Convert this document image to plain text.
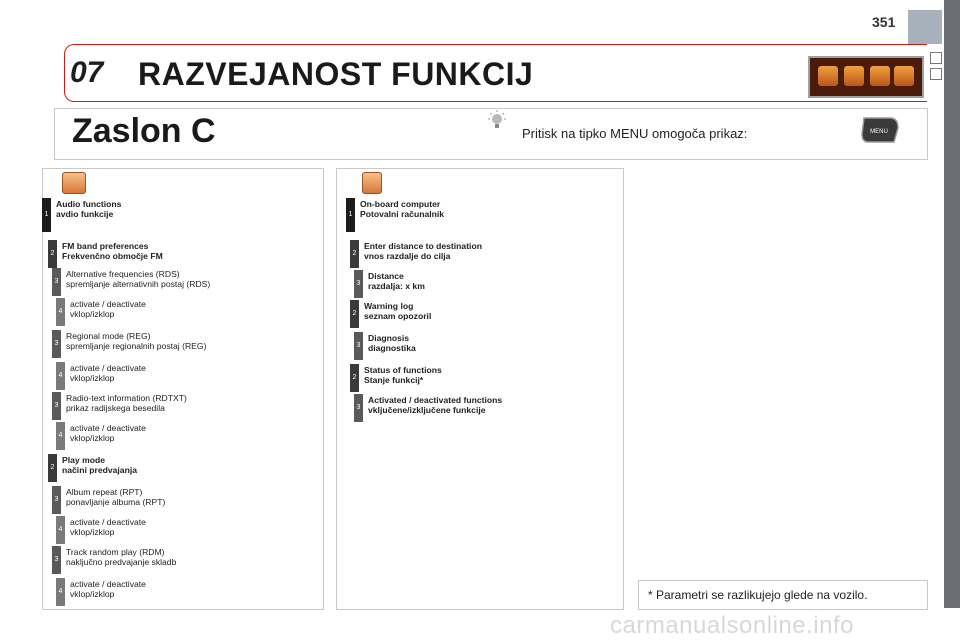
351
07 RAZVEJANOST FUNKCIJ
Zaslon C	Pritisk na tipko MENU omogoča prikaz:	MENU
1
Audio functions
avdio funkcije
2
FM band preferences
Frekvenčno območje FM
3
Alternative frequencies (RDS)
spremljanje alternativnih postaj (RDS)
4
activate / deactivate
vklop/izklop
3
Regional mode (REG)
spremljanje regionalnih postaj (REG)
4
activate / deactivate
vklop/izklop
3
Radio-text information (RDTXT)
prikaz radijskega besedila
4
activate / deactivate
vklop/izklop
2
Play mode
načini predvajanja
3
Album repeat (RPT)
ponavljanje albuma (RPT)
4
activate / deactivate
vklop/izklop
3
Track random play (RDM)
naključno predvajanje skladb
4
activate / deactivate
vklop/izklop
1
On-board computer
Potovalni računalnik
2
Enter distance to destination
vnos razdalje do cilja
3
Distance
razdalja: x km
2
Warning log
seznam opozoril
3
Diagnosis
diagnostika
2
Status of functions
Stanje funkcij*
3
Activated / deactivated functions
vključene/izključene funkcije
* Parametri se razlikujejo glede na vozilo.
carmanualsonline.info
